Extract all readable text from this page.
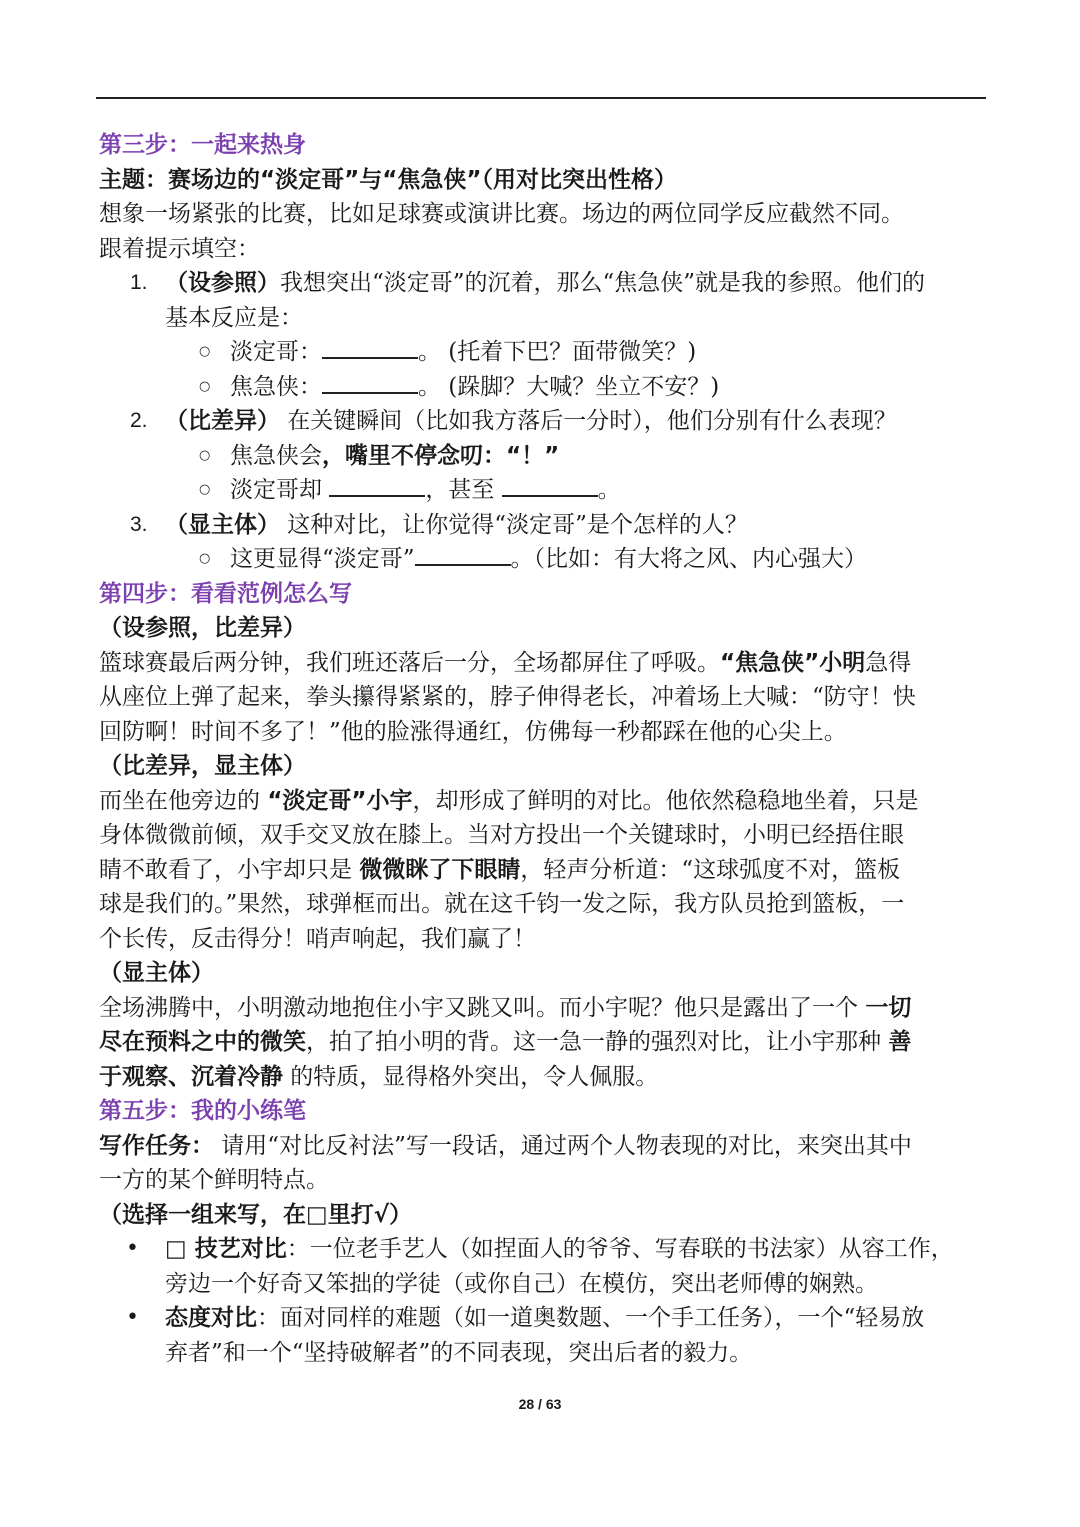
第三步：一起来热身
主题：赛场边的“淡定哥”与“焦急侠”（用对比突出性格）
想象一场紧张的比赛，比如足球赛或演讲比赛。场边的两位同学反应截然不同。
跟着提示填空：
1. （设参照）我想突出“淡定哥”的沉着，那么“焦急侠”就是我的参照。他们的
基本反应是：
○ 淡定哥：	。 (托着下巴？面带微笑？)
○ 焦急侠：	。 (跺脚？大喊？坐立不安？)
2. （比差异） 在关键瞬间（比如我方落后一分时），他们分别有什么表现？
○ 焦急侠会，嘴里不停念叨：“！”
○ 淡定哥却	，甚至	。
3. （显主体） 这种对比，让你觉得“淡定哥”是个怎样的人？
○ 这更显得“淡定哥”	。（比如：有大将之风、内心强大）
第四步：看看范例怎么写
（设参照，比差异）
篮球赛最后两分钟，我们班还落后一分，全场都屏住了呼吸。“焦急侠”小明急得
从座位上弹了起来，拳头攥得紧紧的，脖子伸得老长，冲着场上大喊：“防守！快
回防啊！时间不多了！”他的脸涨得通红，仿佛每一秒都踩在他的心尖上。
（比差异，显主体）
而坐在他旁边的 “淡定哥”小宇，却形成了鲜明的对比。他依然稳稳地坐着，只是
身体微微前倾，双手交叉放在膝上。当对方投出一个关键球时，小明已经捂住眼
睛不敢看了，小宇却只是 微微眯了下眼睛，轻声分析道：“这球弧度不对，篮板
球是我们的。”果然，球弹框而出。就在这千钧一发之际，我方队员抢到篮板，一
个长传，反击得分！哨声响起，我们赢了！
（显主体）
全场沸腾中，小明激动地抱住小宇又跳又叫。而小宇呢？他只是露出了一个 一切
尽在预料之中的微笑，拍了拍小明的背。这一急一静的强烈对比，让小宇那种 善
于观察、沉着冷静 的特质，显得格外突出，令人佩服。
第五步：我的小练笔
写作任务： 请用“对比反衬法”写一段话，通过两个人物表现的对比，来突出其中
一方的某个鲜明特点。
（选择一组来写，在□里打√）
• □ 技艺对比：一位老手艺人（如捏面人的爷爷、写春联的书法家）从容工作，
旁边一个好奇又笨拙的学徒（或你自己）在模仿，突出老师傅的娴熟。
• 态度对比：面对同样的难题（如一道奥数题、一个手工任务），一个“轻易放
弃者”和一个“坚持破解者”的不同表现，突出后者的毅力。
28 / 63
